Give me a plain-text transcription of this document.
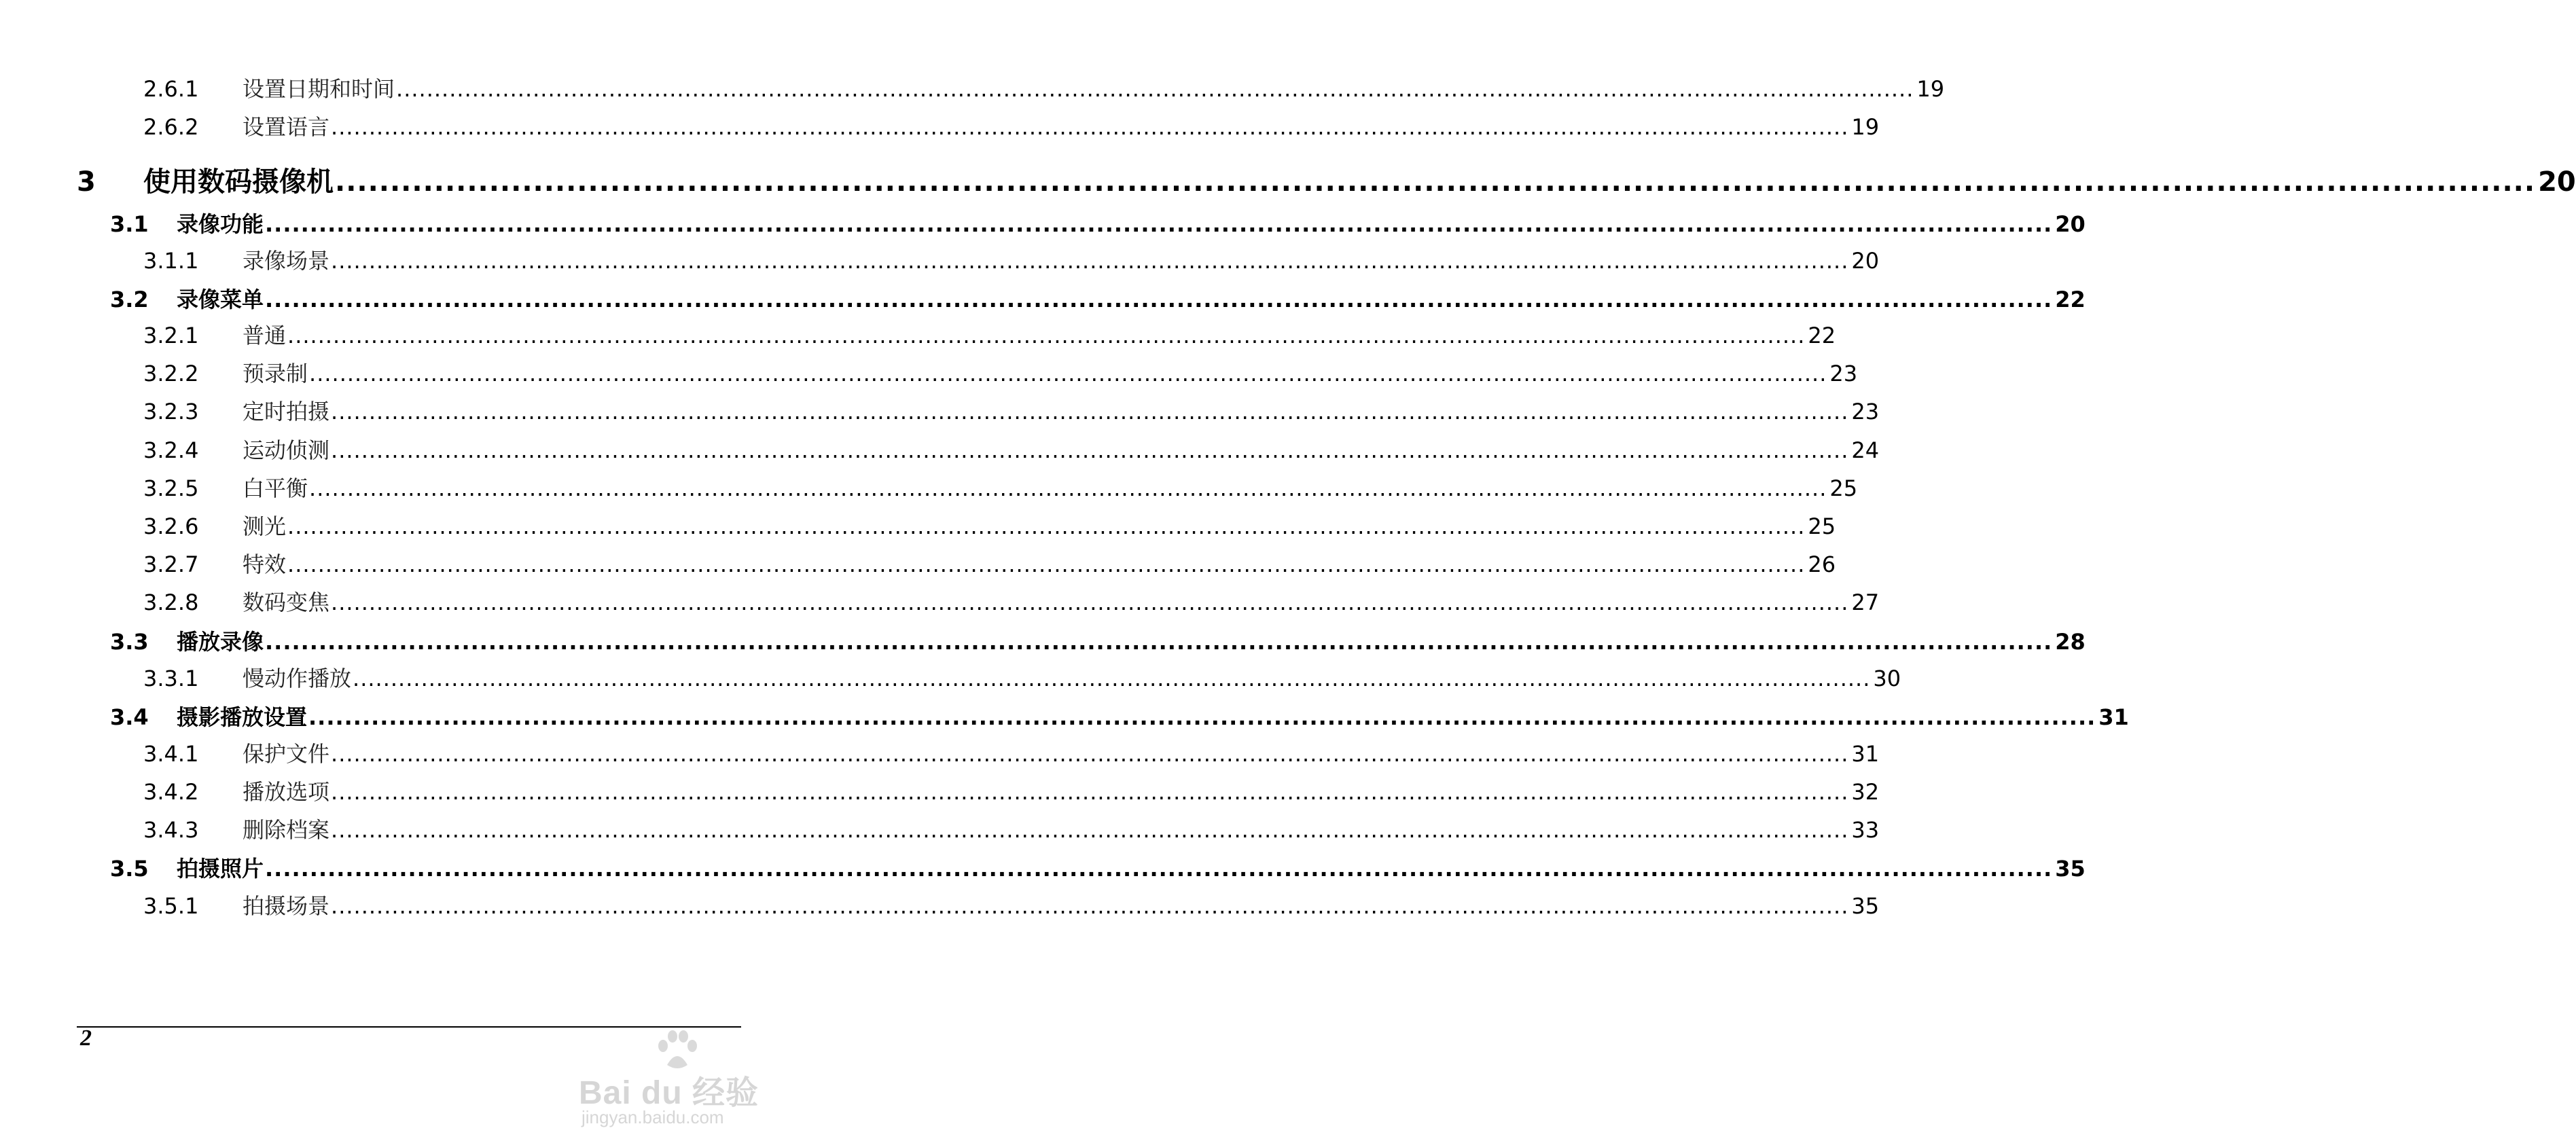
2.6.1	设置日期和时间 ........................................................................................................................................................................................................ 19
2.6.2	设置语言 ........................................................................................................................................................................................................ 19
3	使用数码摄像机 ........................................................................................................................................................................................................ 20
3.1	录像功能 ........................................................................................................................................................................................................ 20
3.1.1	录像场景 ........................................................................................................................................................................................................ 20
3.2	录像菜单 ........................................................................................................................................................................................................ 22
3.2.1	普通 ........................................................................................................................................................................................................ 22
3.2.2	预录制 ........................................................................................................................................................................................................ 23
3.2.3	定时拍摄 ........................................................................................................................................................................................................ 23
3.2.4	运动侦测 ........................................................................................................................................................................................................ 24
3.2.5	白平衡 ........................................................................................................................................................................................................ 25
3.2.6	测光 ........................................................................................................................................................................................................ 25
3.2.7	特效 ........................................................................................................................................................................................................ 26
3.2.8	数码变焦 ........................................................................................................................................................................................................ 27
3.3	播放录像 ........................................................................................................................................................................................................ 28
3.3.1	慢动作播放 ........................................................................................................................................................................................................ 30
3.4	摄影播放设置 ........................................................................................................................................................................................................ 31
3.4.1	保护文件 ........................................................................................................................................................................................................ 31
3.4.2	播放选项 ........................................................................................................................................................................................................ 32
3.4.3	删除档案 ........................................................................................................................................................................................................ 33
3.5	拍摄照片 ........................................................................................................................................................................................................ 35
3.5.1	拍摄场景 ........................................................................................................................................................................................................ 35
2
Bai du 经验
jingyan.baidu.com
